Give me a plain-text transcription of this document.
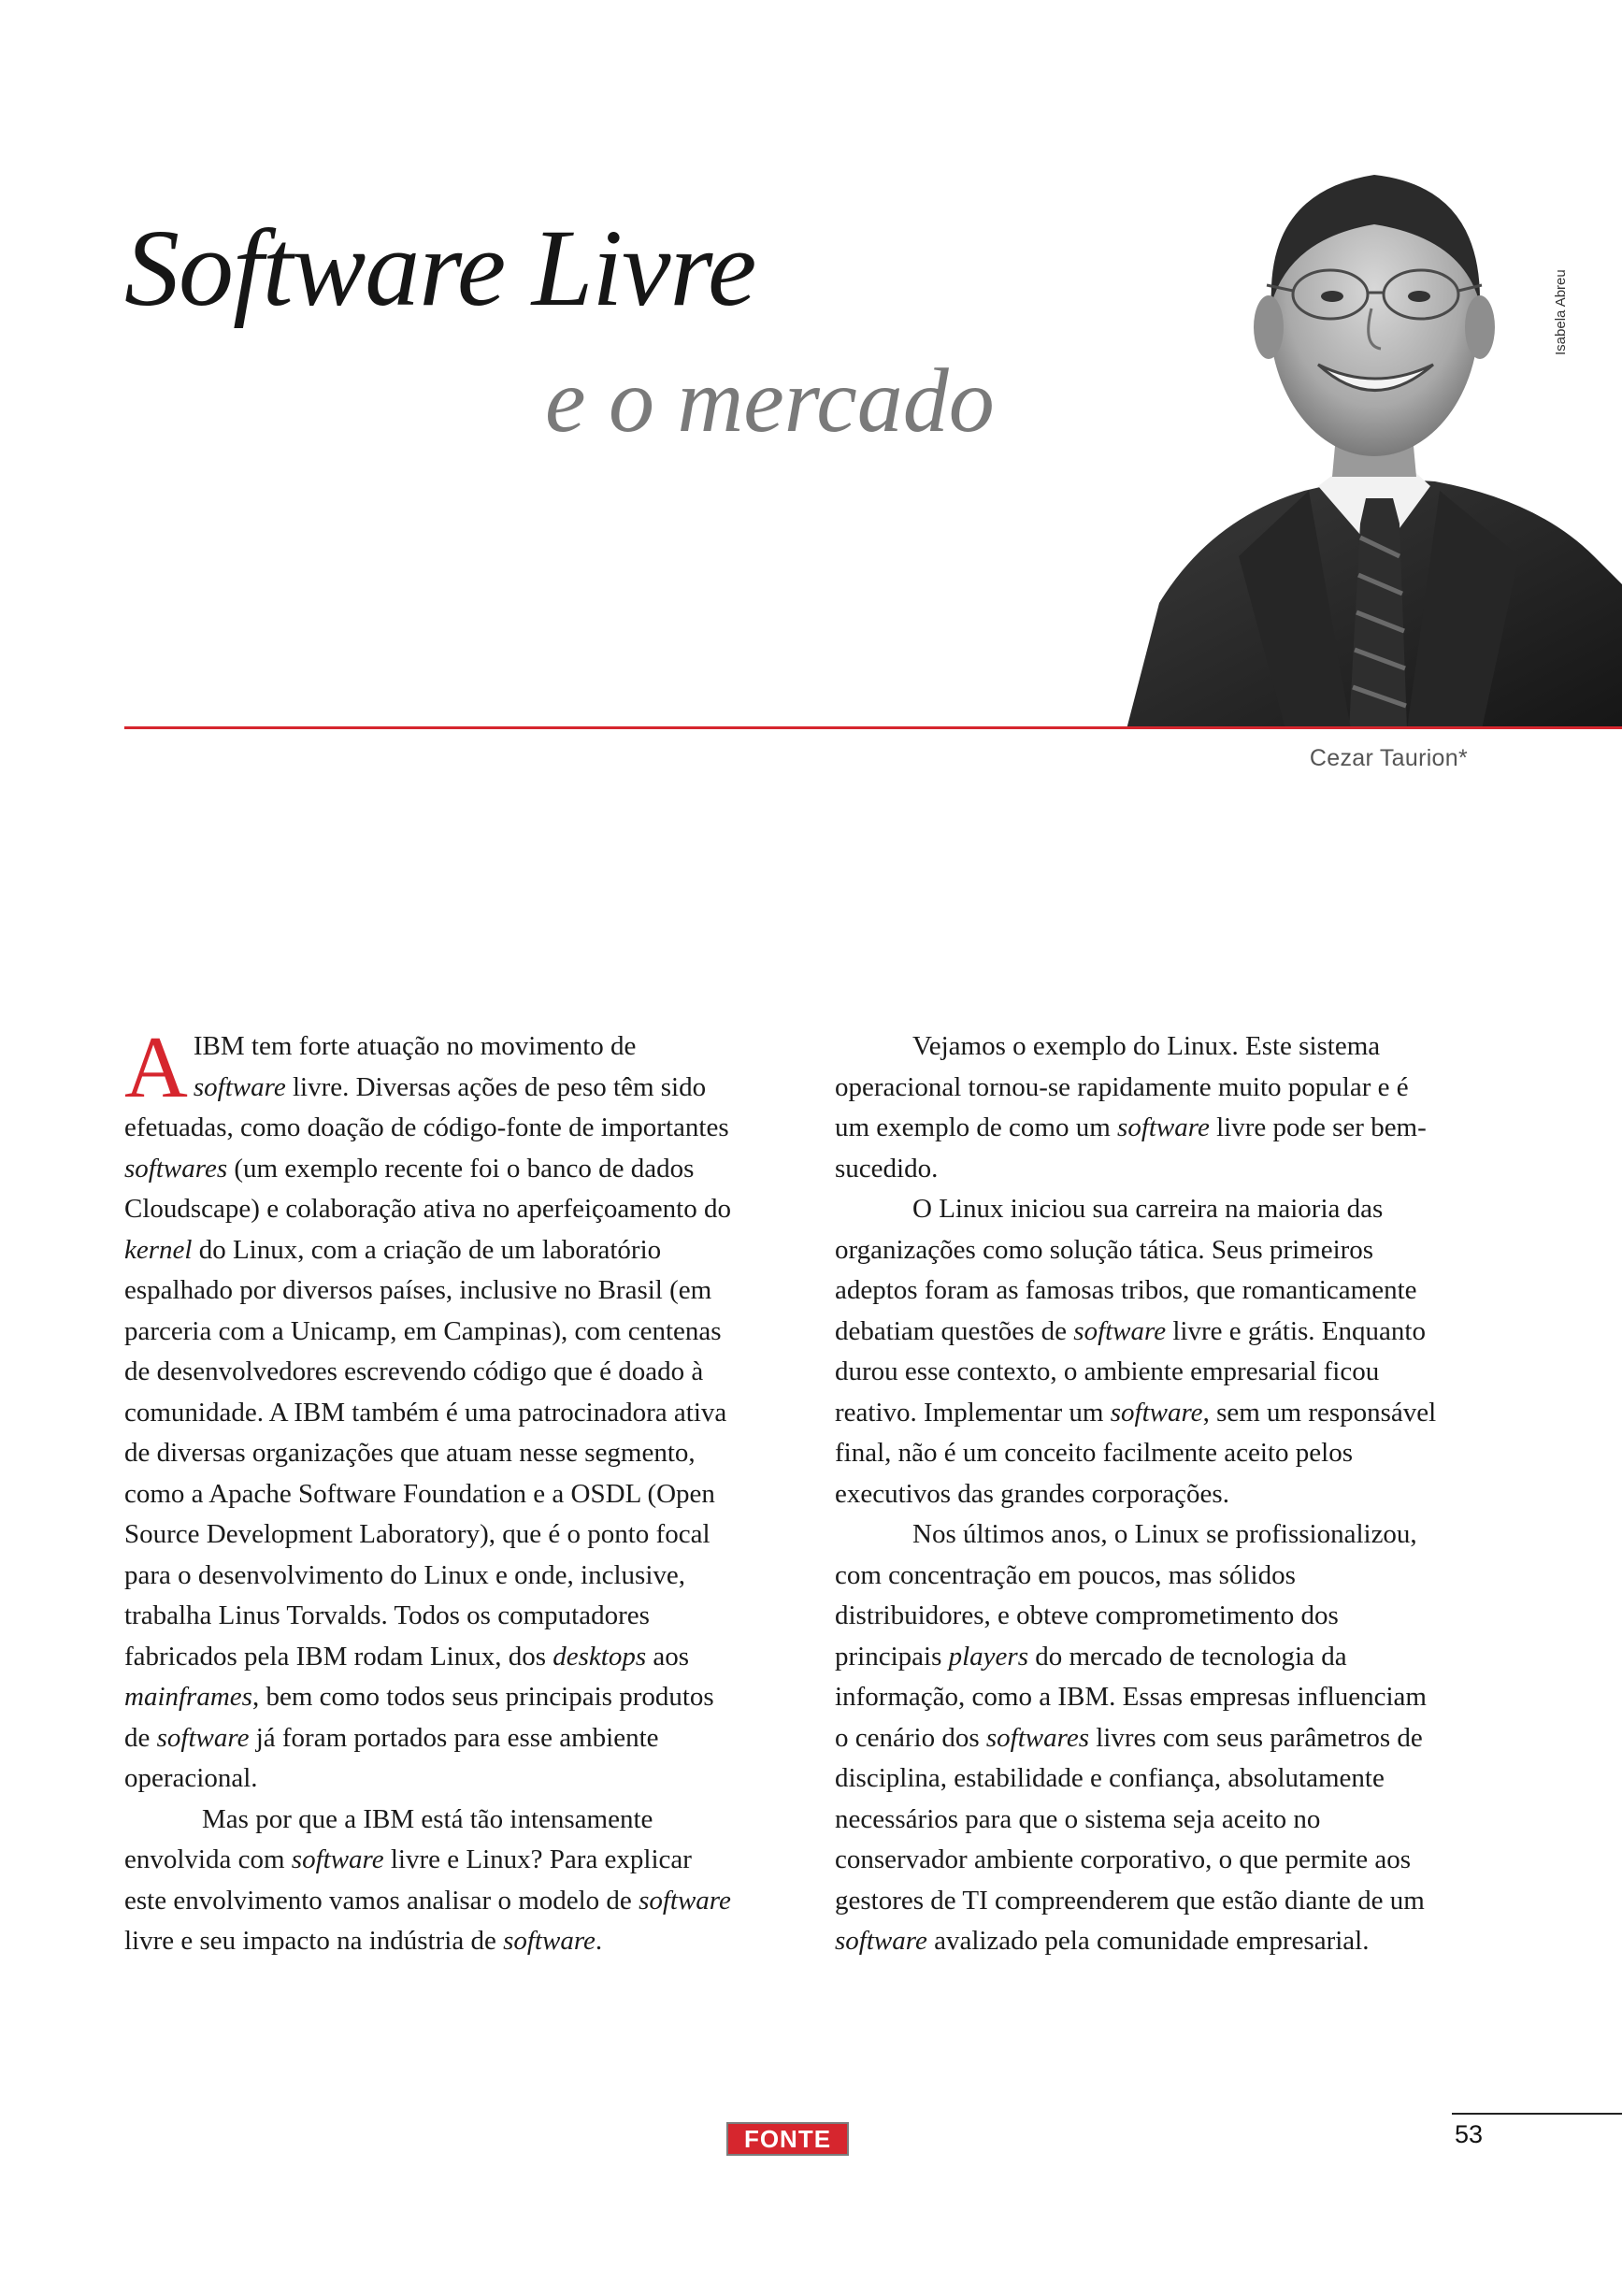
Software Livre
e o mercado
Isabela Abreu
Cezar Taurion*
A IBM tem forte atuação no movimento de software livre. Diversas ações de peso têm sido efetuadas, como doação de código-fonte de importantes softwares (um exemplo recente foi o banco de dados Cloudscape) e colaboração ativa no aperfeiçoamento do kernel do Linux, com a criação de um laboratório espalhado por diversos países, inclusive no Brasil (em parceria com a Unicamp, em Campinas), com centenas de desenvolvedores escrevendo código que é doado à comunidade. A IBM também é uma patrocinadora ativa de diversas organizações que atuam nesse segmento, como a Apache Software Foundation e a OSDL (Open Source Development Laboratory), que é o ponto focal para o desenvolvimento do Linux e onde, inclusive, trabalha Linus Torvalds. Todos os computadores fabricados pela IBM rodam Linux, dos desktops aos mainframes, bem como todos seus principais produtos de software já foram portados para esse ambiente operacional.

Mas por que a IBM está tão intensamente envolvida com software livre e Linux? Para explicar este envolvimento vamos analisar o modelo de software livre e seu impacto na indústria de software.

Vejamos o exemplo do Linux. Este sistema operacional tornou-se rapidamente muito popular e é um exemplo de como um software livre pode ser bem-sucedido.

O Linux iniciou sua carreira na maioria das organizações como solução tática. Seus primeiros adeptos foram as famosas tribos, que romanticamente debatiam questões de software livre e grátis. Enquanto durou esse contexto, o ambiente empresarial ficou reativo. Implementar um software, sem um responsável final, não é um conceito facilmente aceito pelos executivos das grandes corporações.

Nos últimos anos, o Linux se profissionalizou, com concentração em poucos, mas sólidos distribuidores, e obteve comprometimento dos principais players do mercado de tecnologia da informação, como a IBM. Essas empresas influenciam o cenário dos softwares livres com seus parâmetros de disciplina, estabilidade e confiança, absolutamente necessários para que o sistema seja aceito no conservador ambiente corporativo, o que permite aos gestores de TI compreenderem que estão diante de um software avalizado pela comunidade empresarial.

FONTE	53
